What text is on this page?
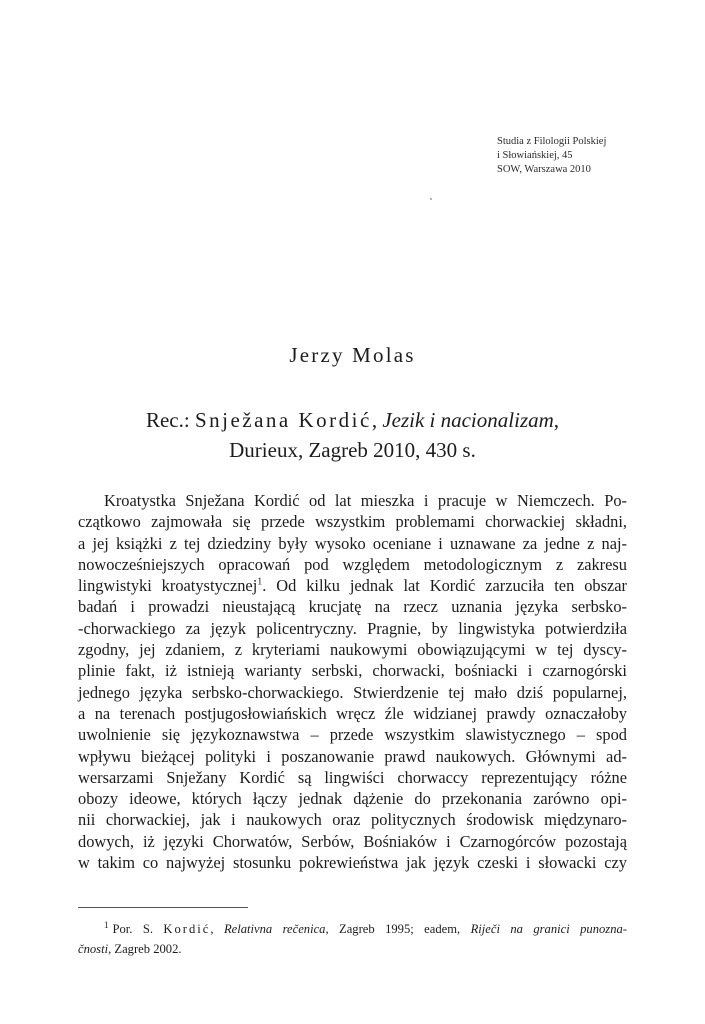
Studia z Filologii Polskiej
i Słowiańskiej, 45
SOW, Warszawa 2010
Jerzy Molas
Rec.: Snježana Kordić, Jezik i nacionalizam,
Durieux, Zagreb 2010, 430 s.
Kroatystka Snježana Kordić od lat mieszka i pracuje w Niemczech. Po-
czątkowo zajmowała się przede wszystkim problemami chorwackiej składni,
a jej książki z tej dziedziny były wysoko oceniane i uznawane za jedne z naj-
nowocześniejszych opracowań pod względem metodologicznym z zakresu
lingwistyki kroatystycznej$^1$. Od kilku jednak lat Kordić zarzuciła ten obszar
badań i prowadzi nieustającą krucjatę na rzecz uznania języka serbsko-
-chorwackiego za język policentryczny. Pragnie, by lingwistyka potwierdziła
zgodny, jej zdaniem, z kryteriami naukowymi obowiązującymi w tej dyscy-
plinie fakt, iż istnieją warianty serbski, chorwacki, bośniacki i czarnogórski
jednego języka serbsko-chorwackiego. Stwierdzenie tej mało dziś popularnej,
a na terenach postjugosłowiańskich wręcz źle widzianej prawdy oznaczałoby
uwolnienie się językoznawstwa – przede wszystkim slawistycznego – spod
wpływu bieżącej polityki i poszanowanie prawd naukowych. Głównymi ad-
wersarzami Snježany Kordić są lingwiści chorwaccy reprezentujący różne
obozy ideowe, których łączy jednak dążenie do przekonania zarówno opi-
nii chorwackiej, jak i naukowych oraz politycznych środowisk międzynaro-
dowych, iż języki Chorwatów, Serbów, Bośniaków i Czarnogórców pozostają
w takim co najwyżej stosunku pokrewieństwa jak język czeski i słowacki czy
$^1$ Por. S. Kordić, Relativna rečenica, Zagreb 1995; eadem, Riječi na granici punozna-
čnosti, Zagreb 2002.
